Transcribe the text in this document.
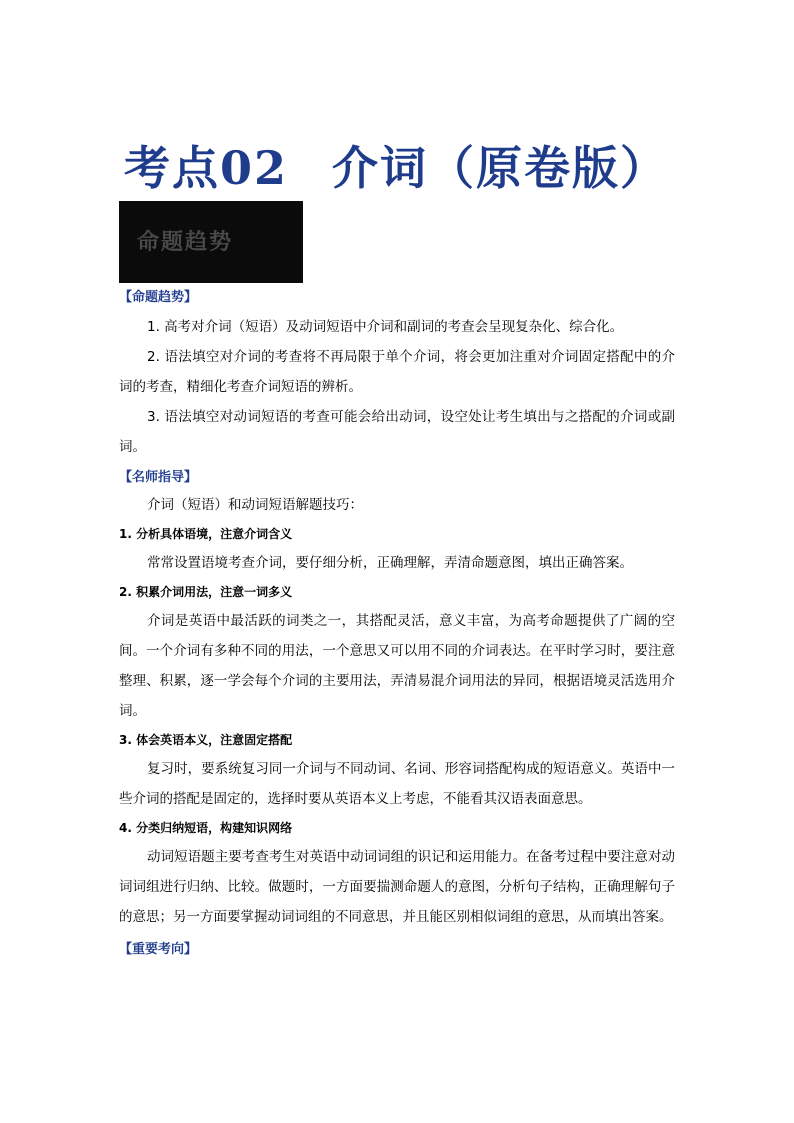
考点02 介词（原卷版）
命题趋势

【命题趋势】

1. 高考对介词（短语）及动词短语中介词和副词的考查会呈现复杂化、综合化。

2. 语法填空对介词的考查将不再局限于单个介词，将会更加注重对介词固定搭配中的介词的考查，精细化考查介词短语的辨析。

3. 语法填空对动词短语的考查可能会给出动词，设空处让考生填出与之搭配的介词或副词。

【名师指导】

介词（短语）和动词短语解题技巧：

1. 分析具体语境，注意介词含义

常常设置语境考查介词，要仔细分析，正确理解，弄清命题意图，填出正确答案。

2. 积累介词用法，注意一词多义

介词是英语中最活跃的词类之一，其搭配灵活，意义丰富，为高考命题提供了广阔的空间。一个介词有多种不同的用法，一个意思又可以用不同的介词表达。在平时学习时，要注意整理、积累，逐一学会每个介词的主要用法，弄清易混介词用法的异同，根据语境灵活选用介词。

3. 体会英语本义，注意固定搭配

复习时，要系统复习同一介词与不同动词、名词、形容词搭配构成的短语意义。英语中一些介词的搭配是固定的，选择时要从英语本义上考虑，不能看其汉语表面意思。

4. 分类归纳短语，构建知识网络

动词短语题主要考查考生对英语中动词词组的识记和运用能力。在备考过程中要注意对动词词组进行归纳、比较。做题时，一方面要揣测命题人的意图，分析句子结构，正确理解句子的意思；另一方面要掌握动词词组的不同意思，并且能区别相似词组的意思，从而填出答案。

【重要考向】
